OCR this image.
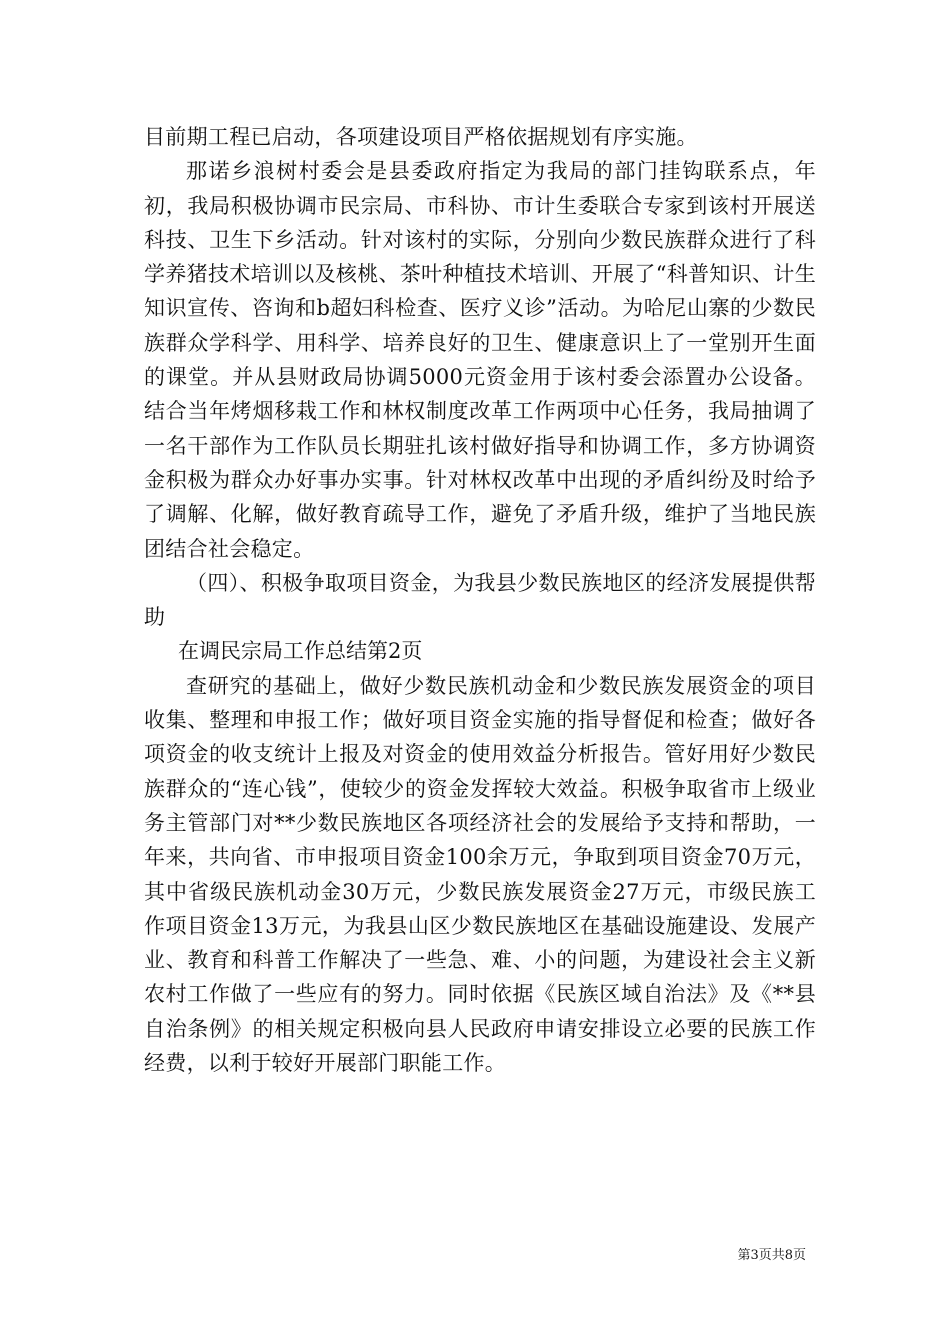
目前期工程已启动，各项建设项目严格依据规划有序实施。

那诺乡浪树村委会是县委政府指定为我局的部门挂钩联系点，年初，我局积极协调市民宗局、市科协、市计生委联合专家到该村开展送科技、卫生下乡活动。针对该村的实际，分别向少数民族群众进行了科学养猪技术培训以及核桃、茶叶种植技术培训、开展了“科普知识、计生知识宣传、咨询和b超妇科检查、医疗义诊”活动。为哈尼山寨的少数民族群众学科学、用科学、培养良好的卫生、健康意识上了一堂别开生面的课堂。并从县财政局协调5000元资金用于该村委会添置办公设备。结合当年烤烟移栽工作和林权制度改革工作两项中心任务，我局抽调了一名干部作为工作队员长期驻扎该村做好指导和协调工作，多方协调资金积极为群众办好事办实事。针对林权改革中出现的矛盾纠纷及时给予了调解、化解，做好教育疏导工作，避免了矛盾升级，维护了当地民族团结合社会稳定。

（四）、积极争取项目资金，为我县少数民族地区的经济发展提供帮助

在调民宗局工作总结第2页

查研究的基础上，做好少数民族机动金和少数民族发展资金的项目收集、整理和申报工作；做好项目资金实施的指导督促和检查；做好各项资金的收支统计上报及对资金的使用效益分析报告。管好用好少数民族群众的“连心钱”，使较少的资金发挥较大效益。积极争取省市上级业务主管部门对**少数民族地区各项经济社会的发展给予支持和帮助，一年来，共向省、市申报项目资金100余万元，争取到项目资金70万元，其中省级民族机动金30万元，少数民族发展资金27万元，市级民族工作项目资金13万元，为我县山区少数民族地区在基础设施建设、发展产业、教育和科普工作解决了一些急、难、小的问题，为建设社会主义新农村工作做了一些应有的努力。同时依据《民族区域自治法》及《**县自治条例》的相关规定积极向县人民政府申请安排设立必要的民族工作经费，以利于较好开展部门职能工作。

第3页共8页
